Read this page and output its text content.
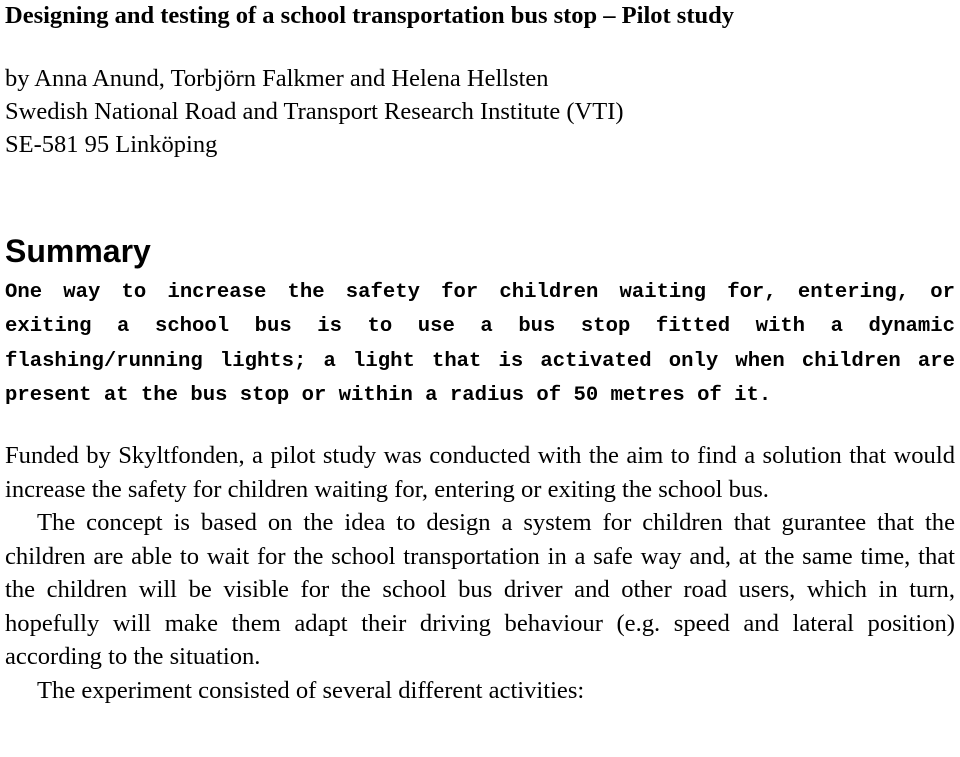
Designing and testing of a school transportation bus stop – Pilot study
by Anna Anund, Torbjörn Falkmer and Helena Hellsten
Swedish National Road and Transport Research Institute (VTI)
SE-581 95 Linköping
Summary

One way to increase the safety for children waiting for, entering, or exiting a school bus is to use a bus stop fitted with a dynamic flashing/running lights; a light that is activated only when children are present at the bus stop or within a radius of 50 metres of it.

Funded by Skyltfonden, a pilot study was conducted with the aim to find a solution that would increase the safety for children waiting for, entering or exiting the school bus.

The concept is based on the idea to design a system for children that gurantee that the children are able to wait for the school transportation in a safe way and, at the same time, that the children will be visible for the school bus driver and other road users, which in turn, hopefully will make them adapt their driving behaviour (e.g. speed and lateral position) according to the situation.

The experiment consisted of several different activities:
